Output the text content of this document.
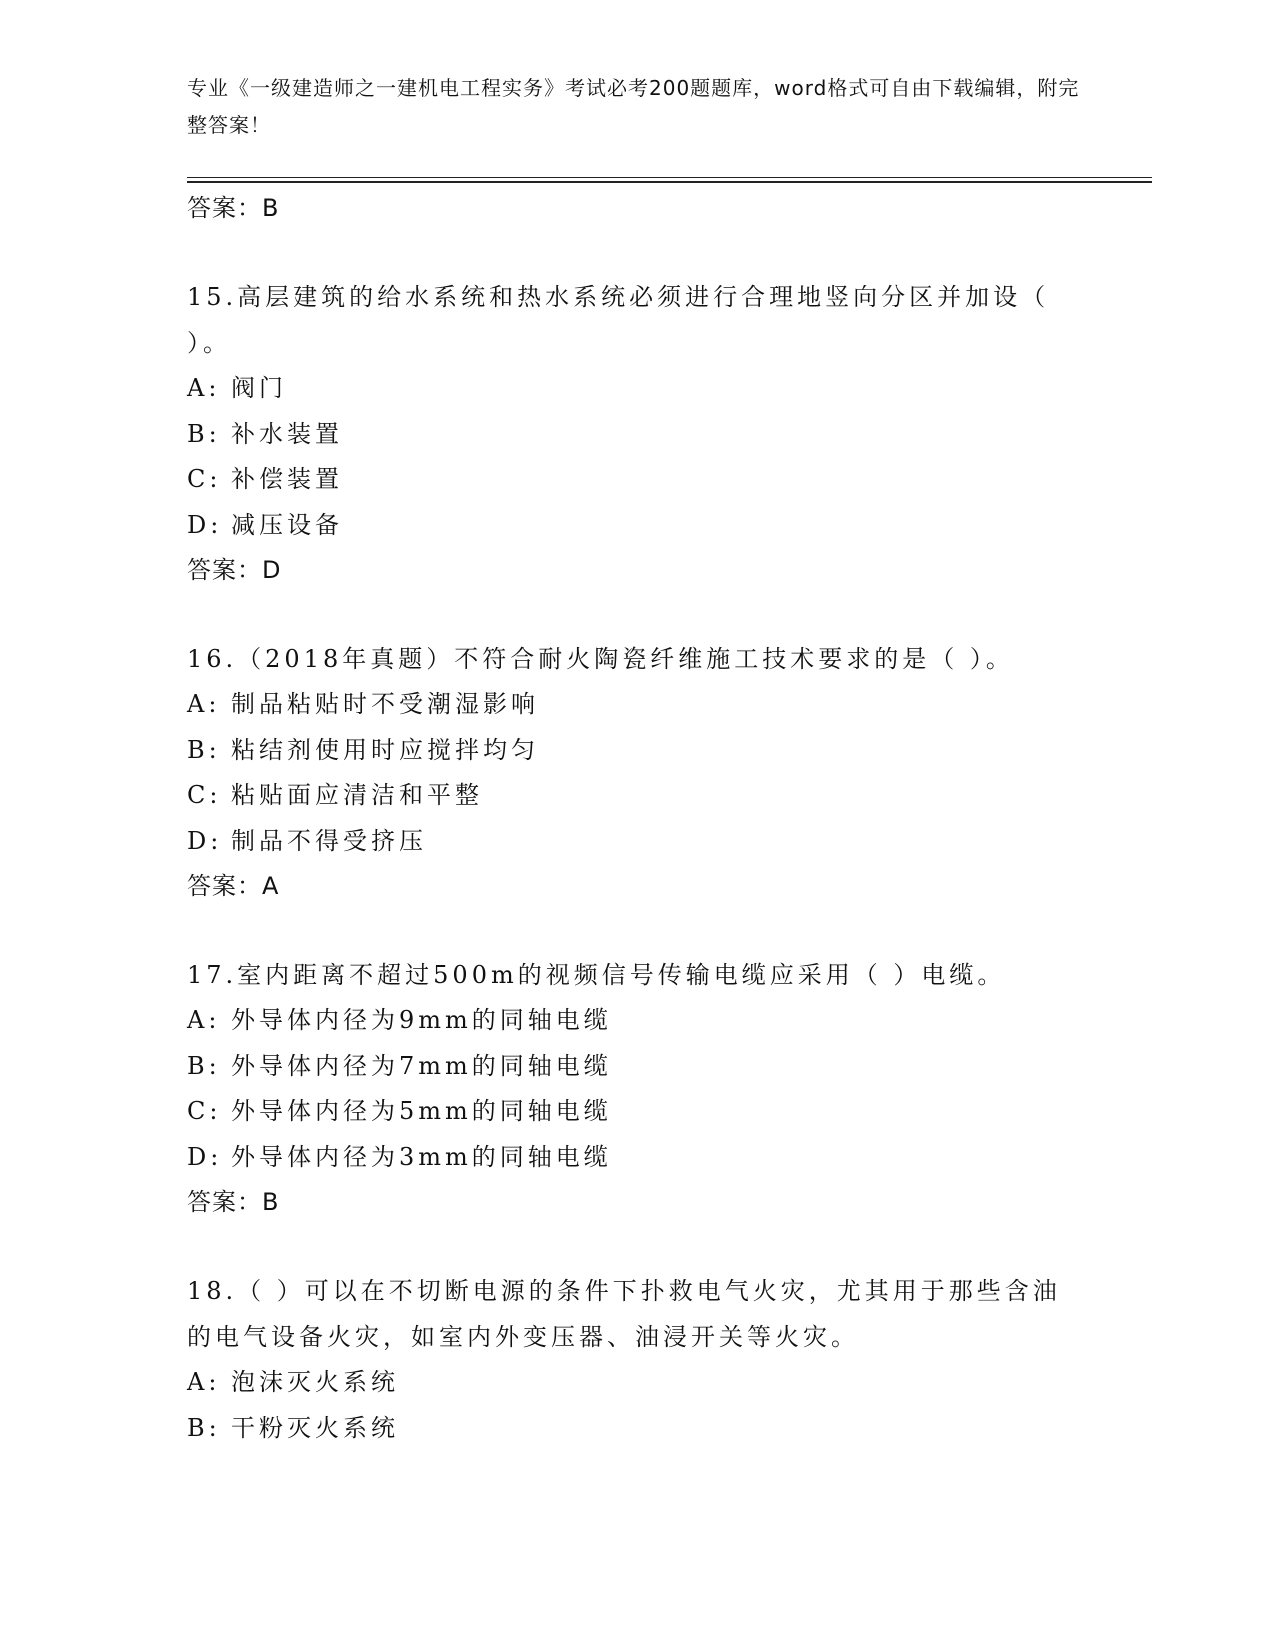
专业《一级建造师之一建机电工程实务》考试必考200题题库，word格式可自由下载编辑，附完整答案！
答案：B
15.高层建筑的给水系统和热水系统必须进行合理地竖向分区并加设（ ）。
A: 阀门
B: 补水装置
C: 补偿装置
D: 减压设备
答案：D
16.（2018年真题）不符合耐火陶瓷纤维施工技术要求的是（ ）。
A: 制品粘贴时不受潮湿影响
B: 粘结剂使用时应搅拌均匀
C: 粘贴面应清洁和平整
D: 制品不得受挤压
答案：A
17.室内距离不超过500m的视频信号传输电缆应采用（ ）电缆。
A: 外导体内径为9mm的同轴电缆
B: 外导体内径为7mm的同轴电缆
C: 外导体内径为5mm的同轴电缆
D: 外导体内径为3mm的同轴电缆
答案：B
18.（ ）可以在不切断电源的条件下扑救电气火灾，尤其用于那些含油的电气设备火灾，如室内外变压器、油浸开关等火灾。
A: 泡沫灭火系统
B: 干粉灭火系统
